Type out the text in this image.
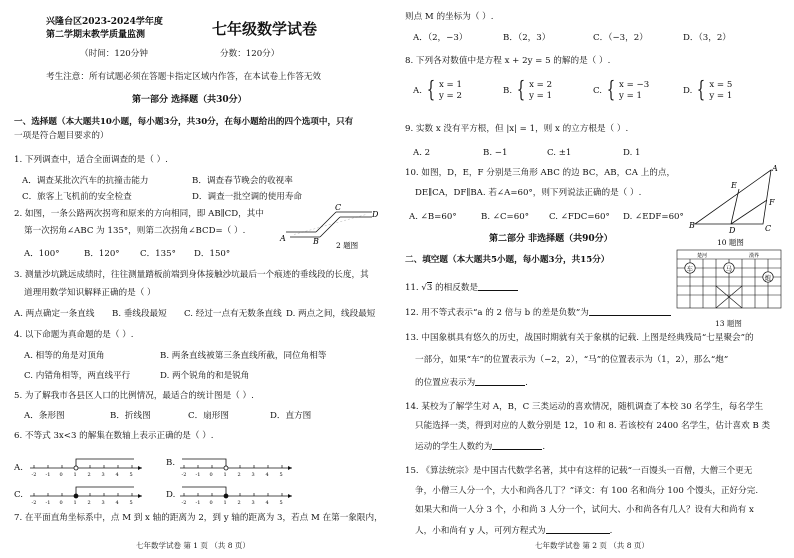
兴隆台区2023-2024学年度
第二学期末教学质量监测	七年级数学试卷
（时间：120分钟	分数：120分）
考生注意：所有试题必须在答题卡指定区域内作答，在本试卷上作答无效
第一部分 选择题（共30分）
一、选择题（本大题共10小题，每小题3分，共30分，在每小题给出的四个选项中，只有
一项是符合题目要求的）
1. 下列调查中，适合全面调查的是（ ）.
A．调查某批次汽车的抗撞击能力	B．调查春节晚会的收视率
C．旅客上飞机前的安全检查	D．调查一批空调的使用寿命
2. 如图，一条公路两次拐弯和原来的方向相同，即 AB∥CD，其中
第一次拐角∠ABC 为 135°，则第二次拐角∠BCD=（ ）.
A．100°	B．120° C．135° D．150°
A	B
C
D
2 题图
3. 测量沙坑跳远成绩时，往往测量踏板前端到身体接触沙坑最后一个痕迹的垂线段的长度，其
道理用数学知识解释正确的是（ ）
A. 两点确定一条直线 B. 垂线段最短 C. 经过一点有无数条直线 D. 两点之间，线段最短
4. 以下命题为真命题的是（ ）.
A. 相等的角是对顶角	B. 两条直线被第三条直线所截，同位角相等
C. 内错角相等，两直线平行	D. 两个锐角的和是锐角
5. 为了解我市各县区人口的比例情况，最适合的统计图是（ ）.
A．条形图	B．折线图	C．扇形图	D．直方图
6. 不等式 3x<3 的解集在数轴上表示正确的是（ ）.
A.	B.
C.	D.
-2 -1 0 1 2 3 4 5	-2 -1 0 1 2 3 4 5
-2 -1 0 1 2 3 4 5	-2 -1 0 1 2 3 4 5
7. 在平面直角坐标系中，点 M 到 x 轴的距离为 2，到 y 轴的距离为 3，若点 M 在第一象限内，
七年数学试卷 第 1 页 （共 8 页）
则点 M 的坐标为（ ）.
A．（2，−3）	B．（2，3）	C．（−3，2）	D．（3，2）
8. 下列各对数值中是方程 x + 2y = 5 的解的是（ ）.
A. { x = 1
y = 2	B. { x = 2
y = 1	C. { x = −3
y = 1	D. { x = 5
y = 1
9. 实数 x 没有平方根，但 |x| = 1，则 x 的立方根是（ ）.
A. 2	B. −1	C. ±1	D. 1
10. 如图，D，E，F 分别是三角形 ABC 的边 BC，AB，CA 上的点，
DE∥CA，DF∥BA. 若∠A=60°，则下列说法正确的是（ ）.
A. ∠B=60°	B. ∠C=60° C. ∠FDC=60° D. ∠EDF=60°
A
B	C
D
E
F
10 题图
第二部分 非选择题（共90分）
二、填空题（本大题共5小题，每小题3分，共15分）	楚河	漢界
车	马
炮
13 题图
11. √3 的相反数是
12. 用不等式表示“a 的 2 倍与 b 的差是负数”为
13. 中国象棋具有悠久的历史，战国时期就有关于象棋的记载. 上图是经典残局“七星聚会”的
一部分，如果“车”的位置表示为（−2，2），“马”的位置表示为（1，2），那么“炮”
的位置应表示为	.
14. 某校为了解学生对 A，B，C 三类运动的喜欢情况，随机调查了本校 30 名学生，每名学生
只能选择一类，得到对应的人数分别是 12，10 和 8. 若该校有 2400 名学生，估计喜欢 B 类
运动的学生人数约为	.
15. 《算法统宗》是中国古代数学名著，其中有这样的记载“一百馒头一百僧，大僧三个更无
争，小僧三人分一个，大小和尚各几丁？”译文：有 100 名和尚分 100 个馒头，正好分完.
如果大和尚一人分 3 个，小和尚 3 人分一个，试问大、小和尚各有几人？设有大和尚有 x
人，小和尚有 y 人，可列方程式为	.
七年数学试卷 第 2 页 （共 8 页）
